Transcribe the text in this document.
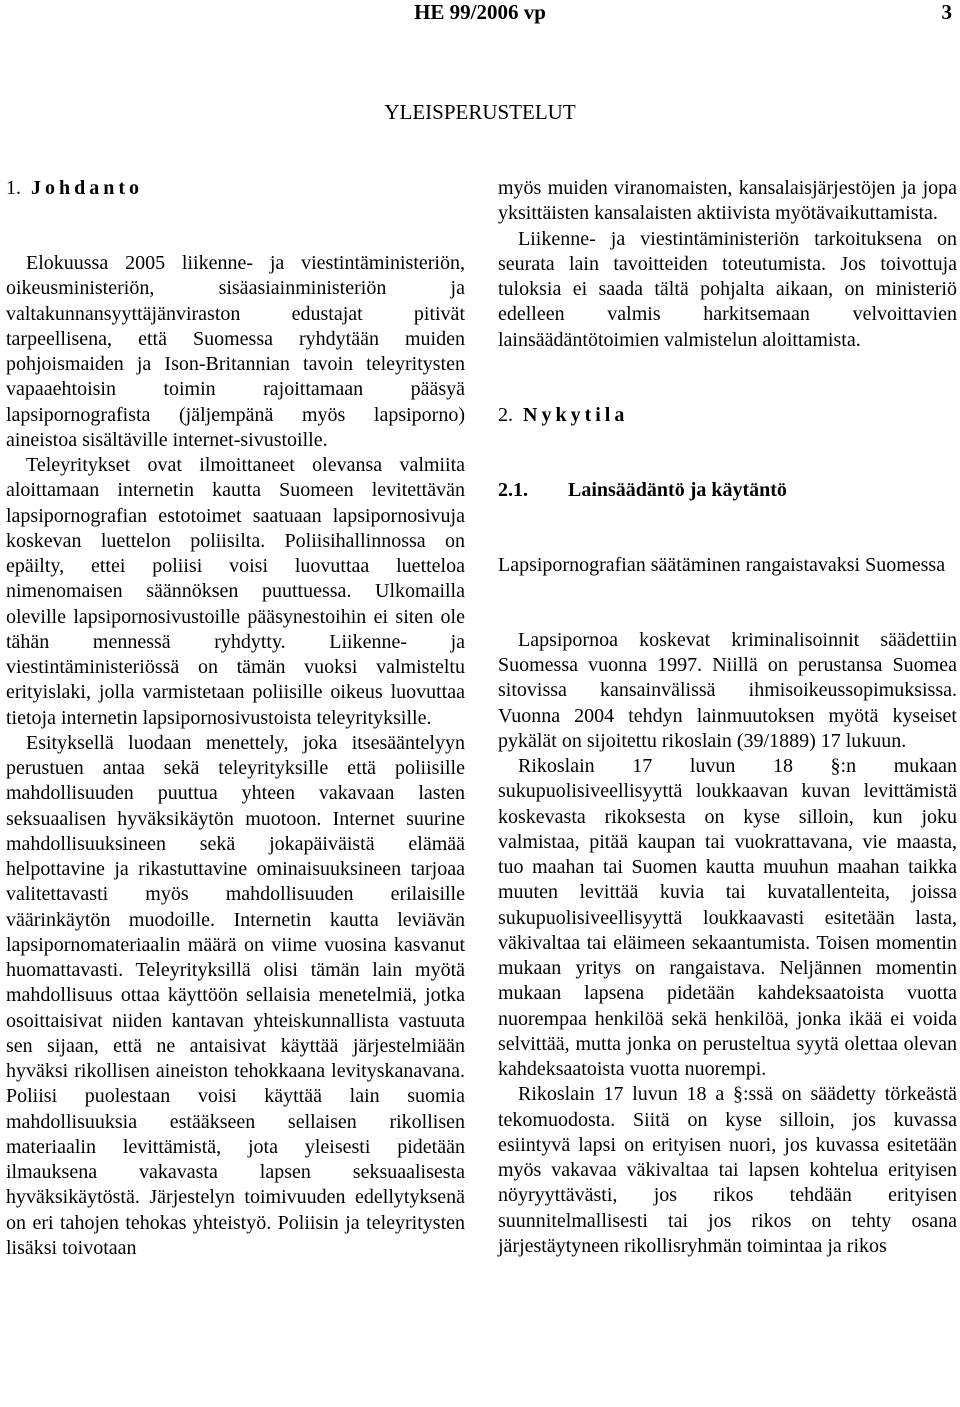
HE 99/2006 vp	3
YLEISPERUSTELUT
1. Johdanto

Elokuussa 2005 liikenne- ja viestintäministeriön, oikeusministeriön, sisäasiainministeriön ja valtakunnansyyttäjänviraston edustajat pitivät tarpeellisena, että Suomessa ryhdytään muiden pohjoismaiden ja Ison-Britannian tavoin teleyritysten vapaaehtoisin toimin rajoittamaan pääsyä lapsipornografista (jäljempänä myös lapsiporno) aineistoa sisältäville internet-sivustoille.

Teleyritykset ovat ilmoittaneet olevansa valmiita aloittamaan internetin kautta Suomeen levitettävän lapsipornografian estotoimet saatuaan lapsipornosivuja koskevan luettelon poliisilta. Poliisihallinnossa on epäilty, ettei poliisi voisi luovuttaa luetteloa nimenomaisen säännöksen puuttuessa. Ulkomailla oleville lapsipornosivustoille pääsynestoihin ei siten ole tähän mennessä ryhdytty. Liikenne- ja viestintäministeriössä on tämän vuoksi valmisteltu erityislaki, jolla varmistetaan poliisille oikeus luovuttaa tietoja internetin lapsipornosivustoista teleyrityksille.

Esityksellä luodaan menettely, joka itsesääntelyyn perustuen antaa sekä teleyrityksille että poliisille mahdollisuuden puuttua yhteen vakavaan lasten seksuaalisen hyväksikäytön muotoon. Internet suurine mahdollisuuksineen sekä jokapäiväistä elämää helpottavine ja rikastuttavine ominaisuuksineen tarjoaa valitettavasti myös mahdollisuuden erilaisille väärinkäytön muodoille. Internetin kautta leviävän lapsipornomateriaalin määrä on viime vuosina kasvanut huomattavasti. Teleyrityksillä olisi tämän lain myötä mahdollisuus ottaa käyttöön sellaisia menetelmiä, jotka osoittaisivat niiden kantavan yhteiskunnallista vastuuta sen sijaan, että ne antaisivat käyttää järjestelmiään hyväksi rikollisen aineiston tehokkaana levityskanavana. Poliisi puolestaan voisi käyttää lain suomia mahdollisuuksia estääkseen sellaisen rikollisen materiaalin levittämistä, jota yleisesti pidetään ilmauksena vakavasta lapsen seksuaalisesta hyväksikäytöstä. Järjestelyn toimivuuden edellytyksenä on eri tahojen tehokas yhteistyö. Poliisin ja teleyritysten lisäksi toivotaan

myös muiden viranomaisten, kansalaisjärjestöjen ja jopa yksittäisten kansalaisten aktiivista myötävaikuttamista.

Liikenne- ja viestintäministeriön tarkoituksena on seurata lain tavoitteiden toteutumista. Jos toivottuja tuloksia ei saada tältä pohjalta aikaan, on ministeriö edelleen valmis harkitsemaan velvoittavien lainsäädäntötoimien valmistelun aloittamista.

2. Nykytila
2.1. Lainsäädäntö ja käytäntö
Lapsipornografian säätäminen rangaistavaksi Suomessa

Lapsipornoa koskevat kriminalisoinnit säädettiin Suomessa vuonna 1997. Niillä on perustansa Suomea sitovissa kansainvälissä ihmisoikeussopimuksissa. Vuonna 2004 tehdyn lainmuutoksen myötä kyseiset pykälät on sijoitettu rikoslain (39/1889) 17 lukuun.

Rikoslain 17 luvun 18 §:n mukaan sukupuolisiveellisyyttä loukkaavan kuvan levittämistä koskevasta rikoksesta on kyse silloin, kun joku valmistaa, pitää kaupan tai vuokrattavana, vie maasta, tuo maahan tai Suomen kautta muuhun maahan taikka muuten levittää kuvia tai kuvatallenteita, joissa sukupuolisiveellisyyttä loukkaavasti esitetään lasta, väkivaltaa tai eläimeen sekaantumista. Toisen momentin mukaan yritys on rangaistava. Neljännen momentin mukaan lapsena pidetään kahdeksaatoista vuotta nuorempaa henkilöä sekä henkilöä, jonka ikää ei voida selvittää, mutta jonka on perusteltua syytä olettaa olevan kahdeksaatoista vuotta nuorempi.

Rikoslain 17 luvun 18 a §:ssä on säädetty törkeästä tekomuodosta. Siitä on kyse silloin, jos kuvassa esiintyvä lapsi on erityisen nuori, jos kuvassa esitetään myös vakavaa väkivaltaa tai lapsen kohtelua erityisen nöyryyttävästi, jos rikos tehdään erityisen suunnitelmallisesti tai jos rikos on tehty osana järjestäytyneen rikollisryhmän toimintaa ja rikos
